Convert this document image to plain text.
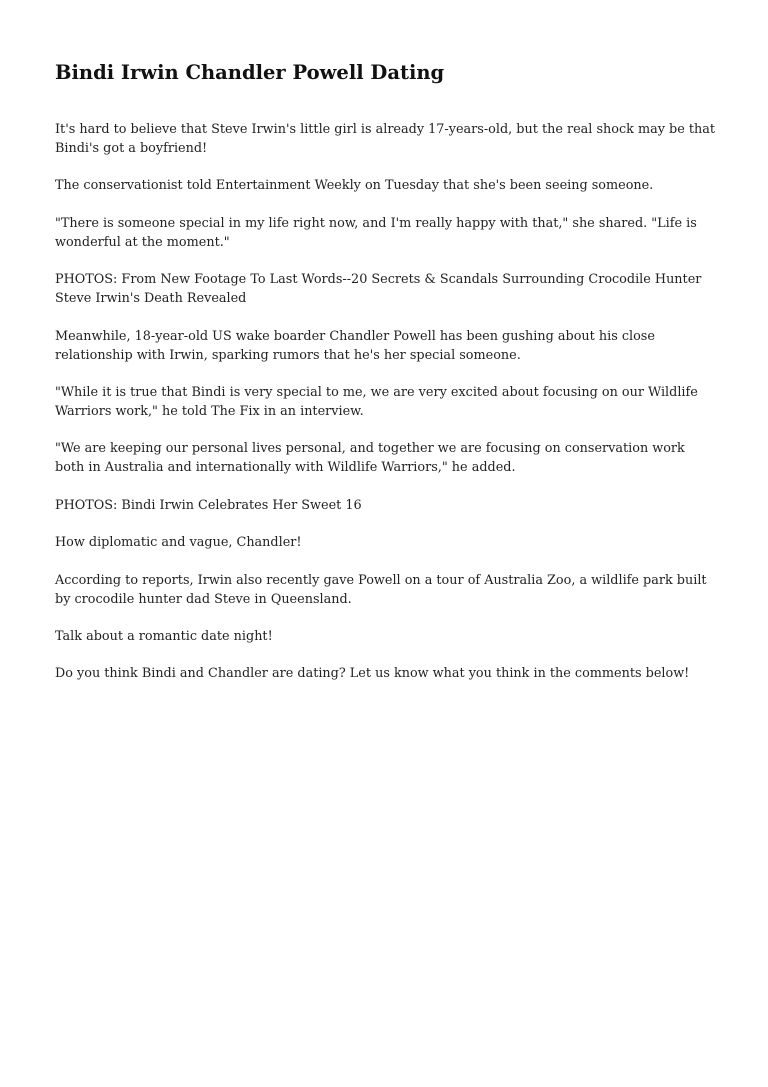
Bindi Irwin Chandler Powell Dating

It's hard to believe that Steve Irwin's little girl is already 17-years-old, but the real shock may be that Bindi's got a boyfriend!

The conservationist told Entertainment Weekly on Tuesday that she's been seeing someone.

"There is someone special in my life right now, and I'm really happy with that," she shared. "Life is wonderful at the moment."

PHOTOS: From New Footage To Last Words--20 Secrets & Scandals Surrounding Crocodile Hunter Steve Irwin's Death Revealed

Meanwhile, 18-year-old US wake boarder Chandler Powell has been gushing about his close relationship with Irwin, sparking rumors that he's her special someone.

"While it is true that Bindi is very special to me, we are very excited about focusing on our Wildlife Warriors work," he told The Fix in an interview.

"We are keeping our personal lives personal, and together we are focusing on conservation work both in Australia and internationally with Wildlife Warriors," he added.

PHOTOS: Bindi Irwin Celebrates Her Sweet 16

How diplomatic and vague, Chandler!

According to reports, Irwin also recently gave Powell on a tour of Australia Zoo, a wildlife park built by crocodile hunter dad Steve in Queensland.

Talk about a romantic date night!

Do you think Bindi and Chandler are dating? Let us know what you think in the comments below!
